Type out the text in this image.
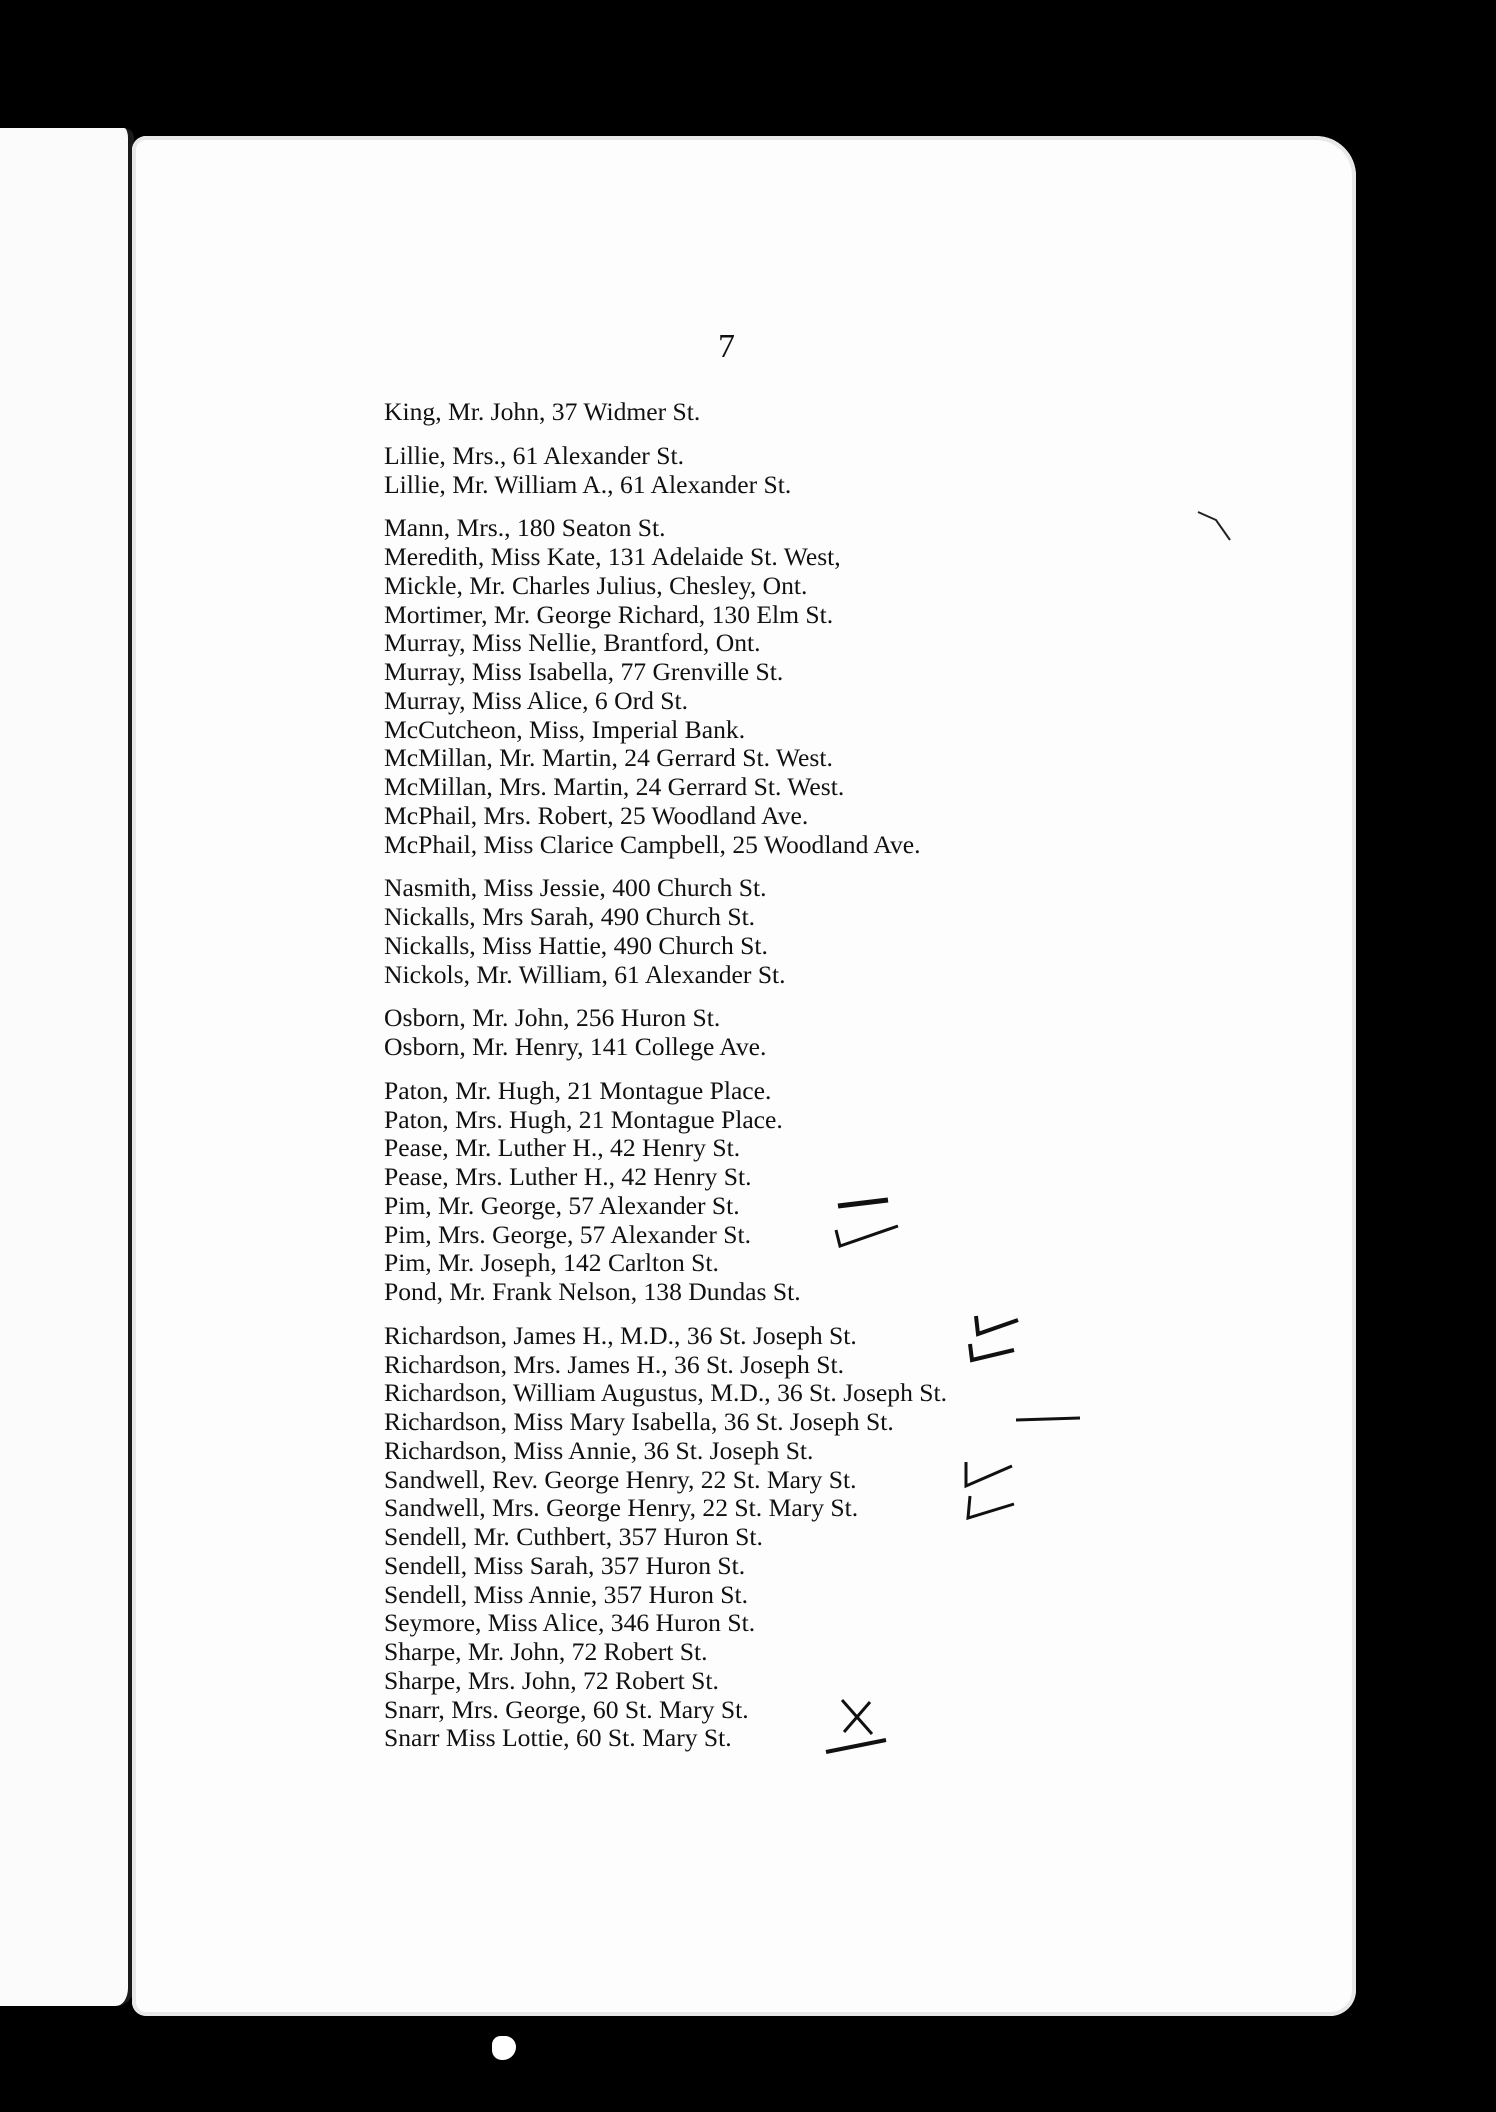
7
King, Mr. John, 37 Widmer St.
Lillie, Mrs., 61 Alexander St.
Lillie, Mr. William A., 61 Alexander St.
Mann, Mrs., 180 Seaton St.
Meredith, Miss Kate, 131 Adelaide St. West,
Mickle, Mr. Charles Julius, Chesley, Ont.
Mortimer, Mr. George Richard, 130 Elm St.
Murray, Miss Nellie, Brantford, Ont.
Murray, Miss Isabella, 77 Grenville St.
Murray, Miss Alice, 6 Ord St.
McCutcheon, Miss, Imperial Bank.
McMillan, Mr. Martin, 24 Gerrard St. West.
McMillan, Mrs. Martin, 24 Gerrard St. West.
McPhail, Mrs. Robert, 25 Woodland Ave.
McPhail, Miss Clarice Campbell, 25 Woodland Ave.
Nasmith, Miss Jessie, 400 Church St.
Nickalls, Mrs Sarah, 490 Church St.
Nickalls, Miss Hattie, 490 Church St.
Nickols, Mr. William, 61 Alexander St.
Osborn, Mr. John, 256 Huron St.
Osborn, Mr. Henry, 141 College Ave.
Paton, Mr. Hugh, 21 Montague Place.
Paton, Mrs. Hugh, 21 Montague Place.
Pease, Mr. Luther H., 42 Henry St.
Pease, Mrs. Luther H., 42 Henry St.
Pim, Mr. George, 57 Alexander St.
Pim, Mrs. George, 57 Alexander St.
Pim, Mr. Joseph, 142 Carlton St.
Pond, Mr. Frank Nelson, 138 Dundas St.
Richardson, James H., M.D., 36 St. Joseph St.
Richardson, Mrs. James H., 36 St. Joseph St.
Richardson, William Augustus, M.D., 36 St. Joseph St.
Richardson, Miss Mary Isabella, 36 St. Joseph St.
Richardson, Miss Annie, 36 St. Joseph St.
Sandwell, Rev. George Henry, 22 St. Mary St.
Sandwell, Mrs. George Henry, 22 St. Mary St.
Sendell, Mr. Cuthbert, 357 Huron St.
Sendell, Miss Sarah, 357 Huron St.
Sendell, Miss Annie, 357 Huron St.
Seymore, Miss Alice, 346 Huron St.
Sharpe, Mr. John, 72 Robert St.
Sharpe, Mrs. John, 72 Robert St.
Snarr, Mrs. George, 60 St. Mary St.
Snarr Miss Lottie, 60 St. Mary St.
